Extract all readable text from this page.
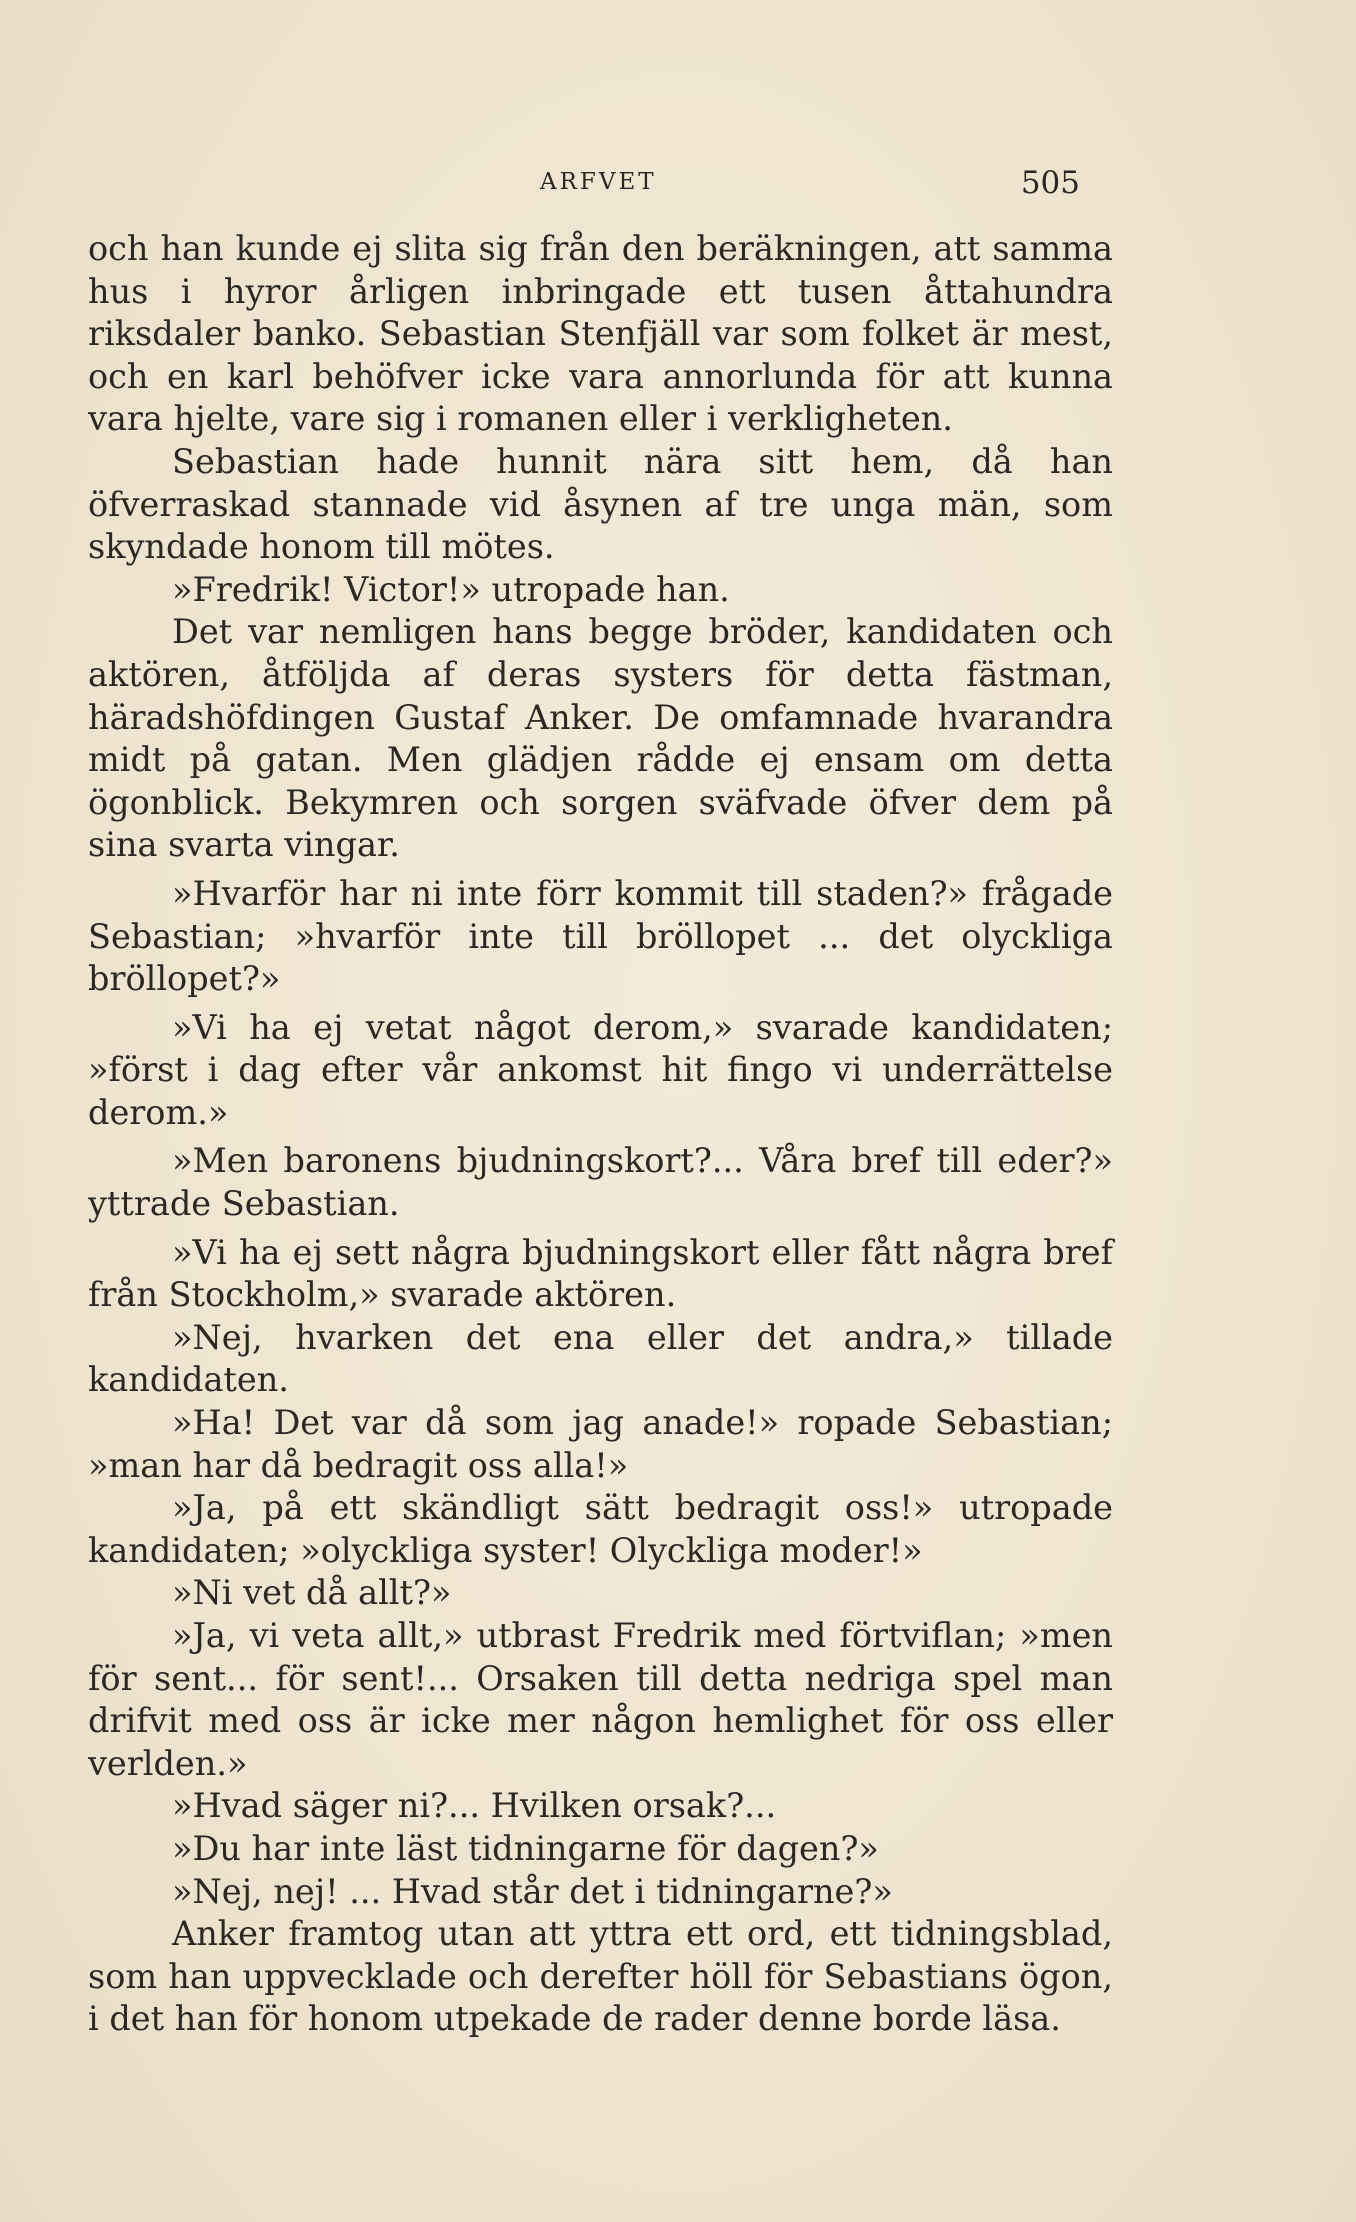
ARFVET	505

och han kunde ej slita sig från den beräkningen, att samma hus i hyror årligen inbringade ett tusen åttahundra riksdaler banko. Sebastian Stenfjäll var som folket är mest, och en karl behöfver icke vara annorlunda för att kunna vara hjelte, vare sig i romanen eller i verkligheten.

Sebastian hade hunnit nära sitt hem, då han öfverraskad stannade vid åsynen af tre unga män, som skyndade honom till mötes.

»Fredrik! Victor!» utropade han.

Det var nemligen hans begge bröder, kandidaten och aktören, åtföljda af deras systers för detta fästman, häradshöfdingen Gustaf Anker. De omfamnade hvarandra midt på gatan. Men glädjen rådde ej ensam om detta ögonblick. Bekymren och sorgen sväfvade öfver dem på sina svarta vingar.

»Hvarför har ni inte förr kommit till staden?» frågade Sebastian; »hvarför inte till bröllopet ... det olyckliga bröllopet?»

»Vi ha ej vetat något derom,» svarade kandidaten; »först i dag efter vår ankomst hit fingo vi underrättelse derom.»

»Men baronens bjudningskort?... Våra bref till eder?» yttrade Sebastian.

»Vi ha ej sett några bjudningskort eller fått några bref från Stockholm,» svarade aktören.

»Nej, hvarken det ena eller det andra,» tillade kandidaten.

»Ha! Det var då som jag anade!» ropade Sebastian; »man har då bedragit oss alla!»

»Ja, på ett skändligt sätt bedragit oss!» utropade kandidaten; »olyckliga syster! Olyckliga moder!»

»Ni vet då allt?»

»Ja, vi veta allt,» utbrast Fredrik med förtviflan; »men för sent... för sent!... Orsaken till detta nedriga spel man drifvit med oss är icke mer någon hemlighet för oss eller verlden.»

»Hvad säger ni?... Hvilken orsak?...

»Du har inte läst tidningarne för dagen?»

»Nej, nej! ... Hvad står det i tidningarne?»

Anker framtog utan att yttra ett ord, ett tidningsblad, som han uppvecklade och derefter höll för Sebastians ögon, i det han för honom utpekade de rader denne borde läsa.
